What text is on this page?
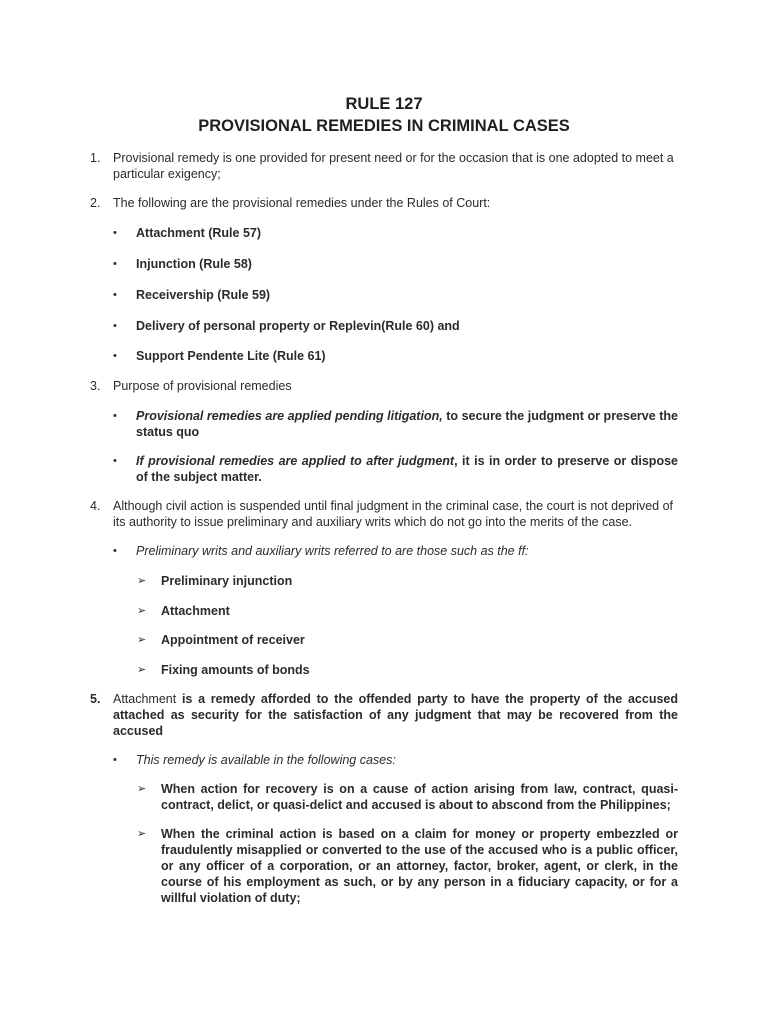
RULE 127
PROVISIONAL REMEDIES IN CRIMINAL CASES
1.	Provisional remedy is one provided for present need or for the occasion that is one adopted to meet a particular exigency;
2.	The following are the provisional remedies under the Rules of Court:
• Attachment (Rule 57)
• Injunction (Rule 58)
• Receivership (Rule 59)
• Delivery of personal property or Replevin(Rule 60) and
• Support Pendente Lite (Rule 61)
3.	Purpose of provisional remedies
• Provisional remedies are applied pending litigation, to secure the judgment or preserve the status quo
• If provisional remedies are applied to after judgment, it is in order to preserve or dispose of the subject matter.
4.	Although civil action is suspended until final judgment in the criminal case, the court is not deprived of its authority to issue preliminary and auxiliary writs which do not go into the merits of the case.
• Preliminary writs and auxiliary writs referred to are those such as the ff:
➢ Preliminary injunction
➢ Attachment
➢ Appointment of receiver
➢ Fixing amounts of bonds
5.	Attachment is a remedy afforded to the offended party to have the property of the accused attached as security for the satisfaction of any judgment that may be recovered from the accused
• This remedy is available in the following cases:
➢ When action for recovery is on a cause of action arising from law, contract, quasi-contract, delict, or quasi-delict and accused is about to abscond from the Philippines;
➢ When the criminal action is based on a claim for money or property embezzled or fraudulently misapplied or converted to the use of the accused who is a public officer, or any officer of a corporation, or an attorney, factor, broker, agent, or clerk, in the course of his employment as such, or by any person in a fiduciary capacity, or for a willful violation of duty;
